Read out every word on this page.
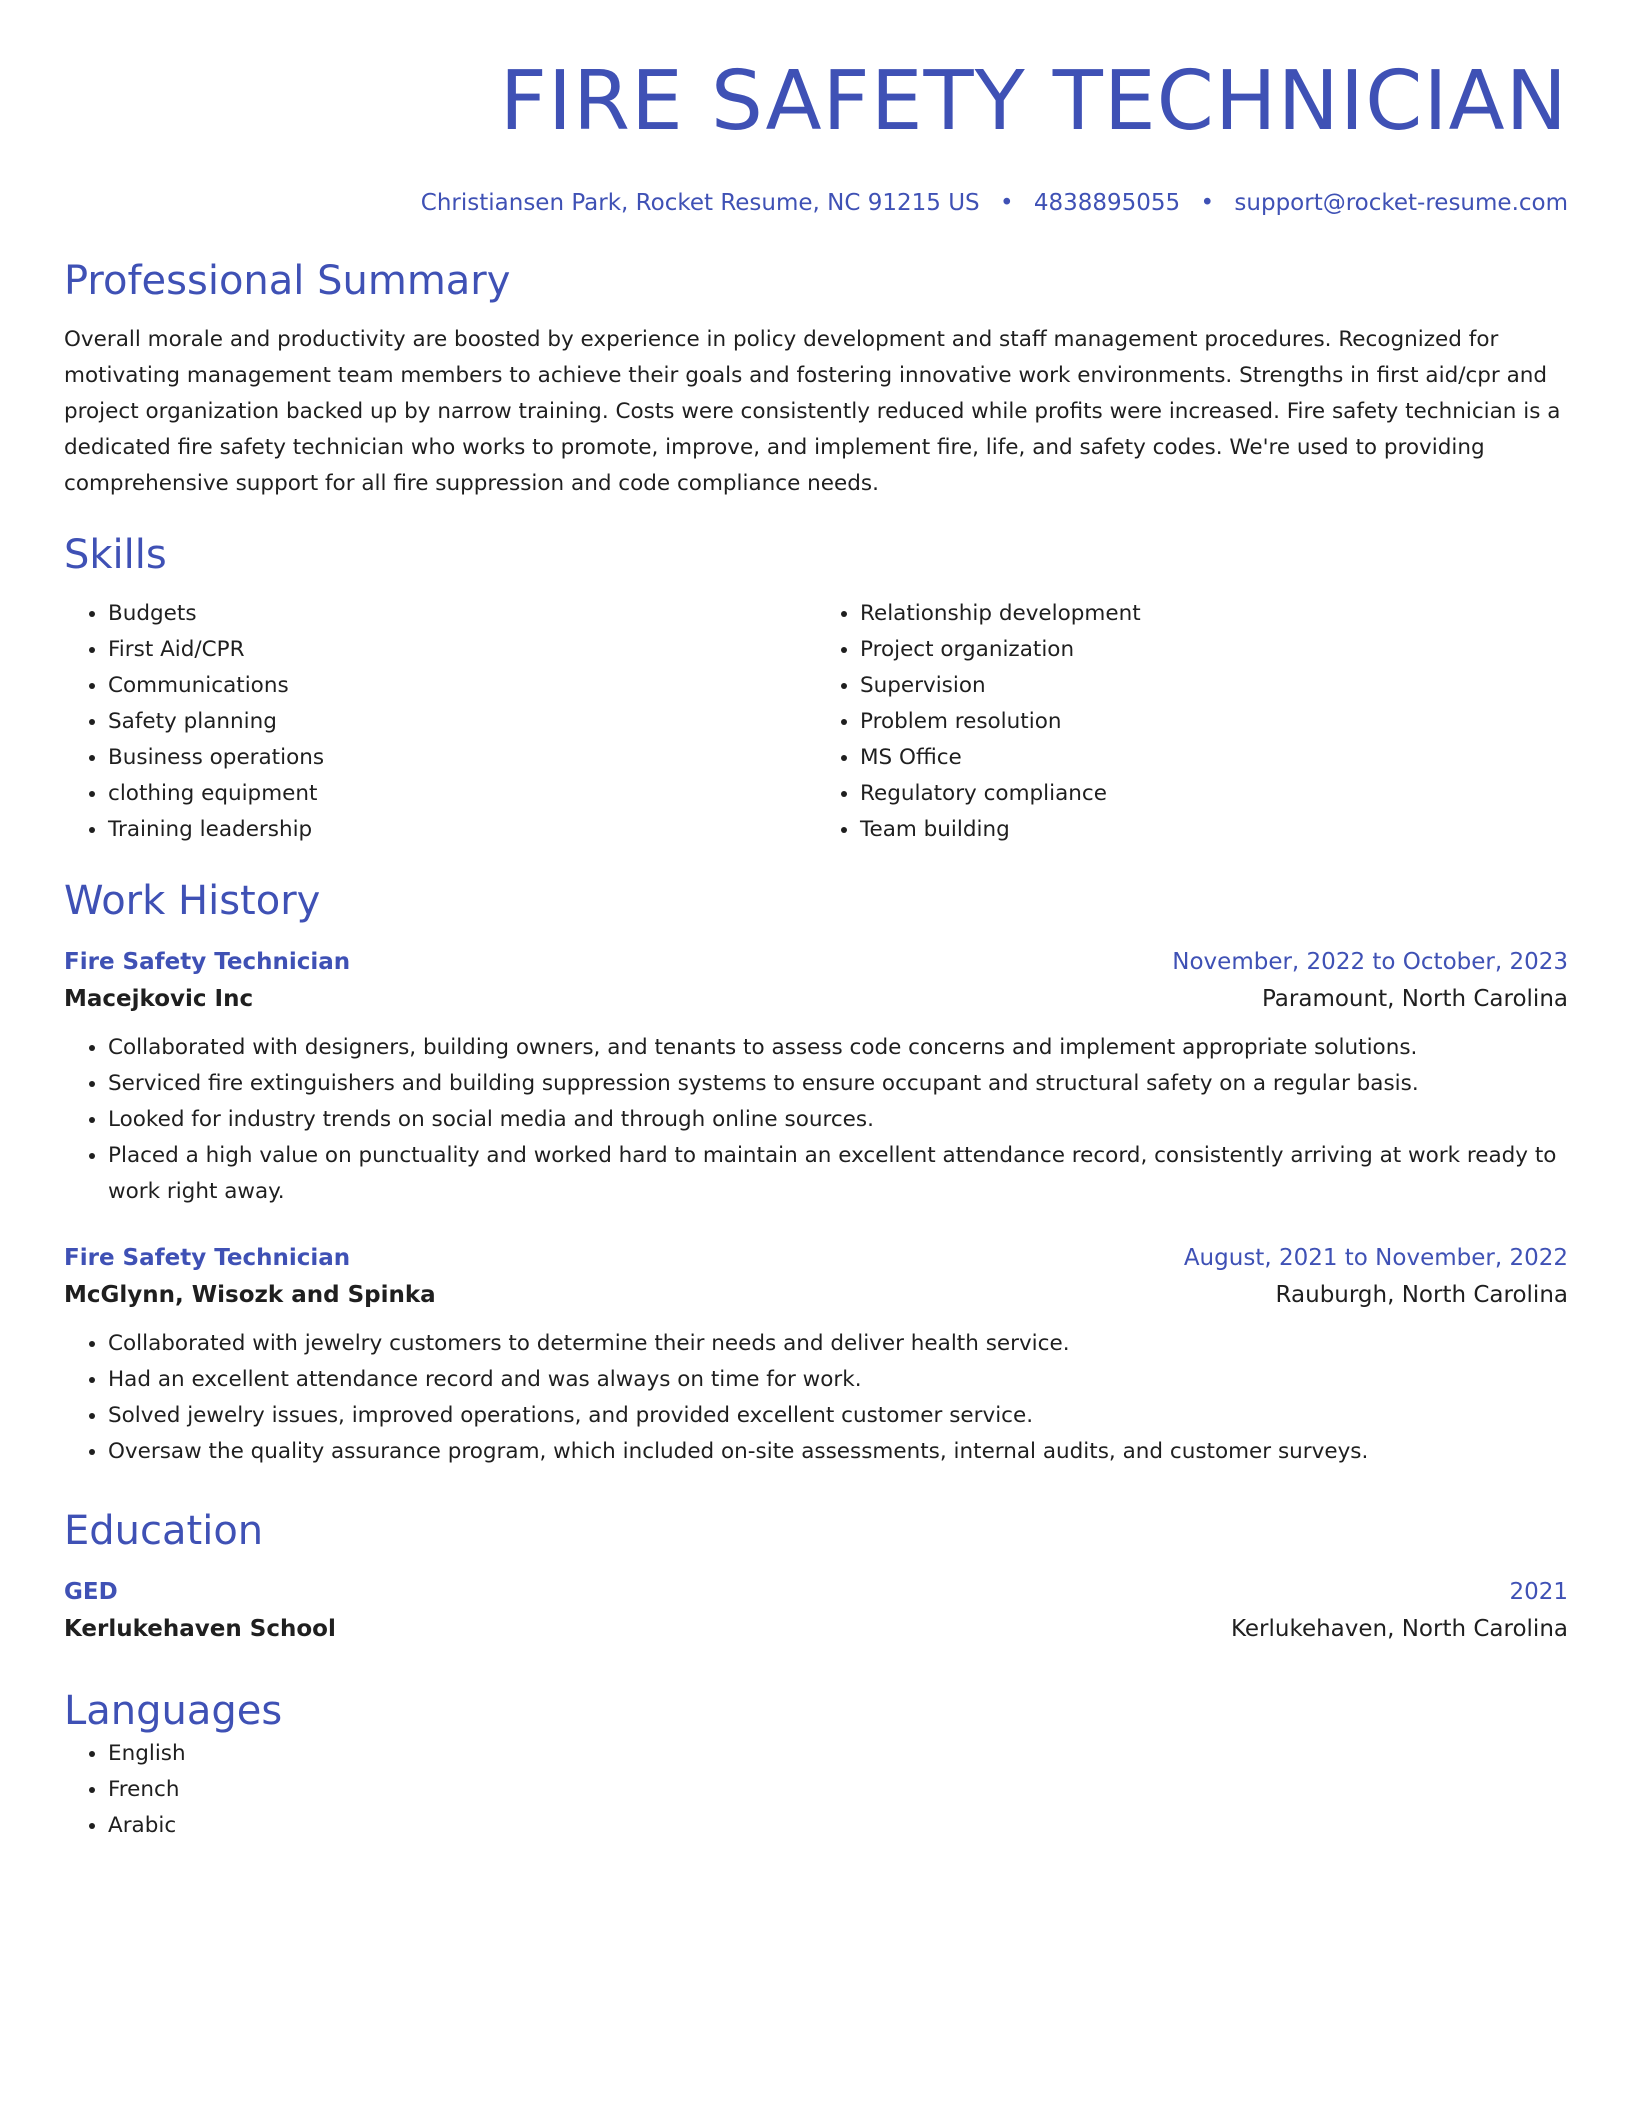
FIRE SAFETY TECHNICIAN
Christiansen Park, Rocket Resume, NC 91215 US • 4838895055 • support@rocket-resume.com
Professional Summary
Overall morale and productivity are boosted by experience in policy development and staff management procedures. Recognized for motivating management team members to achieve their goals and fostering innovative work environments. Strengths in first aid/cpr and project organization backed up by narrow training. Costs were consistently reduced while profits were increased. Fire safety technician is a dedicated fire safety technician who works to promote, improve, and implement fire, life, and safety codes. We're used to providing comprehensive support for all fire suppression and code compliance needs.
Skills
• Budgets
• First Aid/CPR
• Communications
• Safety planning
• Business operations
• clothing equipment
• Training leadership
• Relationship development
• Project organization
• Supervision
• Problem resolution
• MS Office
• Regulatory compliance
• Team building
Work History
Fire Safety Technician	November, 2022 to October, 2023
Macejkovic Inc	Paramount, North Carolina
• Collaborated with designers, building owners, and tenants to assess code concerns and implement appropriate solutions.
• Serviced fire extinguishers and building suppression systems to ensure occupant and structural safety on a regular basis.
• Looked for industry trends on social media and through online sources.
• Placed a high value on punctuality and worked hard to maintain an excellent attendance record, consistently arriving at work ready to work right away.
Fire Safety Technician	August, 2021 to November, 2022
McGlynn, Wisozk and Spinka	Rauburgh, North Carolina
• Collaborated with jewelry customers to determine their needs and deliver health service.
• Had an excellent attendance record and was always on time for work.
• Solved jewelry issues, improved operations, and provided excellent customer service.
• Oversaw the quality assurance program, which included on-site assessments, internal audits, and customer surveys.
Education
GED	2021
Kerlukehaven School	Kerlukehaven, North Carolina
Languages
• English
• French
• Arabic
